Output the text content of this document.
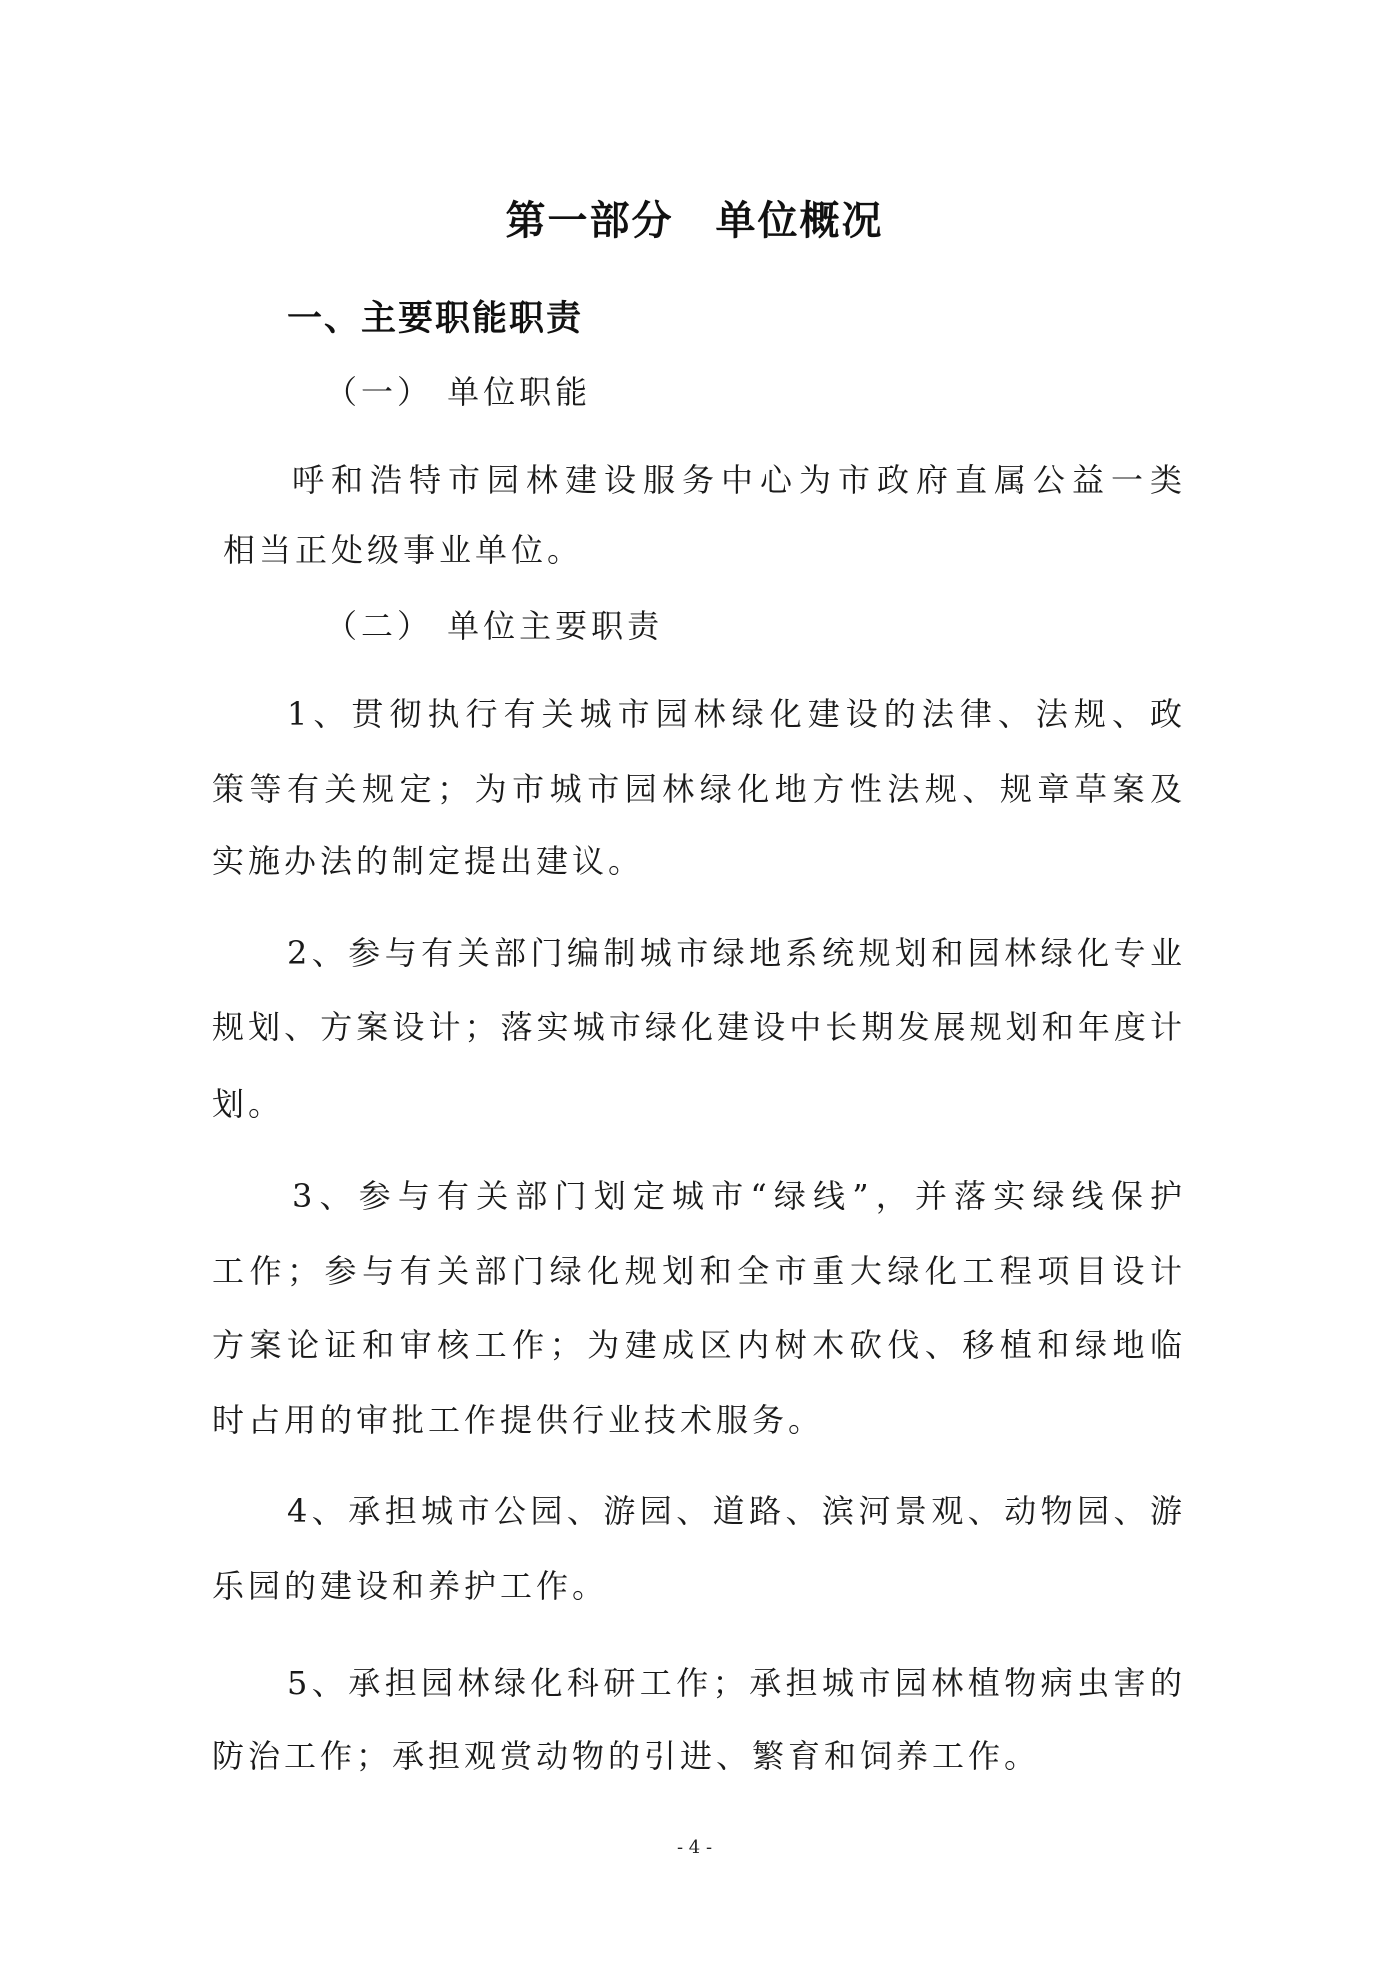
第一部分　单位概况
一、主要职能职责
（一） 单位职能
呼和浩特市园林建设服务中心为市政府直属公益一类
相当正处级事业单位。
（二） 单位主要职责
1、贯彻执行有关城市园林绿化建设的法律、法规、政
策等有关规定；为市城市园林绿化地方性法规、规章草案及
实施办法的制定提出建议。
2、参与有关部门编制城市绿地系统规划和园林绿化专业
规划、方案设计；落实城市绿化建设中长期发展规划和年度计
划。
3、参与有关部门划定城市“绿线”，并落实绿线保护
工作；参与有关部门绿化规划和全市重大绿化工程项目设计
方案论证和审核工作；为建成区内树木砍伐、移植和绿地临
时占用的审批工作提供行业技术服务。
4、承担城市公园、游园、道路、滨河景观、动物园、游
乐园的建设和养护工作。
5、承担园林绿化科研工作；承担城市园林植物病虫害的
防治工作；承担观赏动物的引进、繁育和饲养工作。
- 4 -
